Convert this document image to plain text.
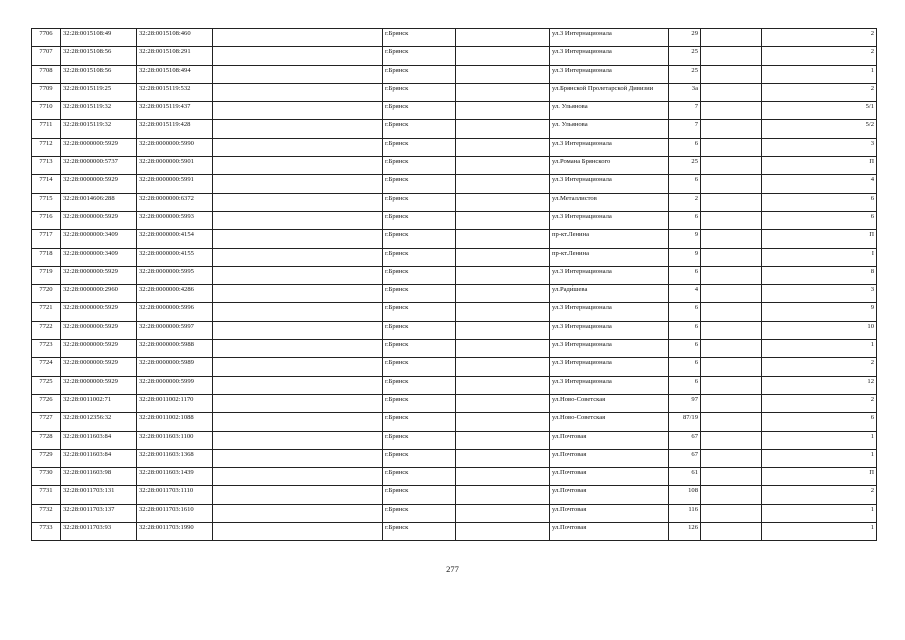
7706	32:28:0015108:49	32:28:0015108:460		г.Брянск		ул.3 Интернационала	29		2
7707	32:28:0015108:56	32:28:0015108:291		г.Брянск		ул.3 Интернационала	25		2
7708	32:28:0015108:56	32:28:0015108:494		г.Брянск		ул.3 Интернационала	25		1
7709	32:28:0015119:25	32:28:0015119:532		г.Брянск		ул.Брянской Пролетарской Дивизии	3а		2
7710	32:28:0015119:32	32:28:0015119:437		г.Брянск		ул. Ульянова	7		5/1
7711	32:28:0015119:32	32:28:0015119:428		г.Брянск		ул. Ульянова	7		5/2
7712	32:28:0000000:5929	32:28:0000000:5990		г.Брянск		ул.3 Интернационала	6		3
7713	32:28:0000000:5737	32:28:0000000:5901		г.Брянск		ул.Романа Брянского	25		П
7714	32:28:0000000:5929	32:28:0000000:5991		г.Брянск		ул.3 Интернационала	6		4
7715	32:28:0014606:288	32:28:0000000:6372		г.Брянск		ул.Металлистов	2		6
7716	32:28:0000000:5929	32:28:0000000:5993		г.Брянск		ул.3 Интернационала	6		6
7717	32:28:0000000:3409	32:28:0000000:4154		г.Брянск		пр-кт.Ленина	9		П
7718	32:28:0000000:3409	32:28:0000000:4155		г.Брянск		пр-кт.Ленина	9		I
7719	32:28:0000000:5929	32:28:0000000:5995		г.Брянск		ул.3 Интернационала	6		8
7720	32:28:0000000:2960	32:28:0000000:4286		г.Брянск		ул.Ради́шева	4		3
7721	32:28:0000000:5929	32:28:0000000:5996		г.Брянск		ул.3 Интернационала	6		9
7722	32:28:0000000:5929	32:28:0000000:5997		г.Брянск		ул.3 Интернационала	6		10
7723	32:28:0000000:5929	32:28:0000000:5988		г.Брянск		ул.3 Интернационала	6		1
7724	32:28:0000000:5929	32:28:0000000:5989		г.Брянск		ул.3 Интернационала	6		2
7725	32:28:0000000:5929	32:28:0000000:5999		г.Брянск		ул.3 Интернационала	6		12
7726	32:28:0011002:71	32:28:0011002:1170		г.Брянск		ул.Ново-Советская	97		2
7727	32:28:0012356:32	32:28:0011002:1088		г.Брянск		ул.Ново-Советская	87/19		6
7728	32:28:0011603:84	32:28:0011603:1100		г.Брянск		ул.Почтовая	67		1
7729	32:28:0011603:84	32:28:0011603:1368		г.Брянск		ул.Почтовая	67		1
7730	32:28:0011603:98	32:28:0011603:1439		г.Брянск		ул.Почтовая	61		П
7731	32:28:0011703:131	32:28:0011703:1110		г.Брянск		ул.Почтовая	108		2
7732	32:28:0011703:137	32:28:0011703:1610		г.Брянск		ул.Почтовая	116		1
7733	32:28:0011703:93	32:28:0011703:1990		г.Брянск		ул.Почтовая	126		1
277
